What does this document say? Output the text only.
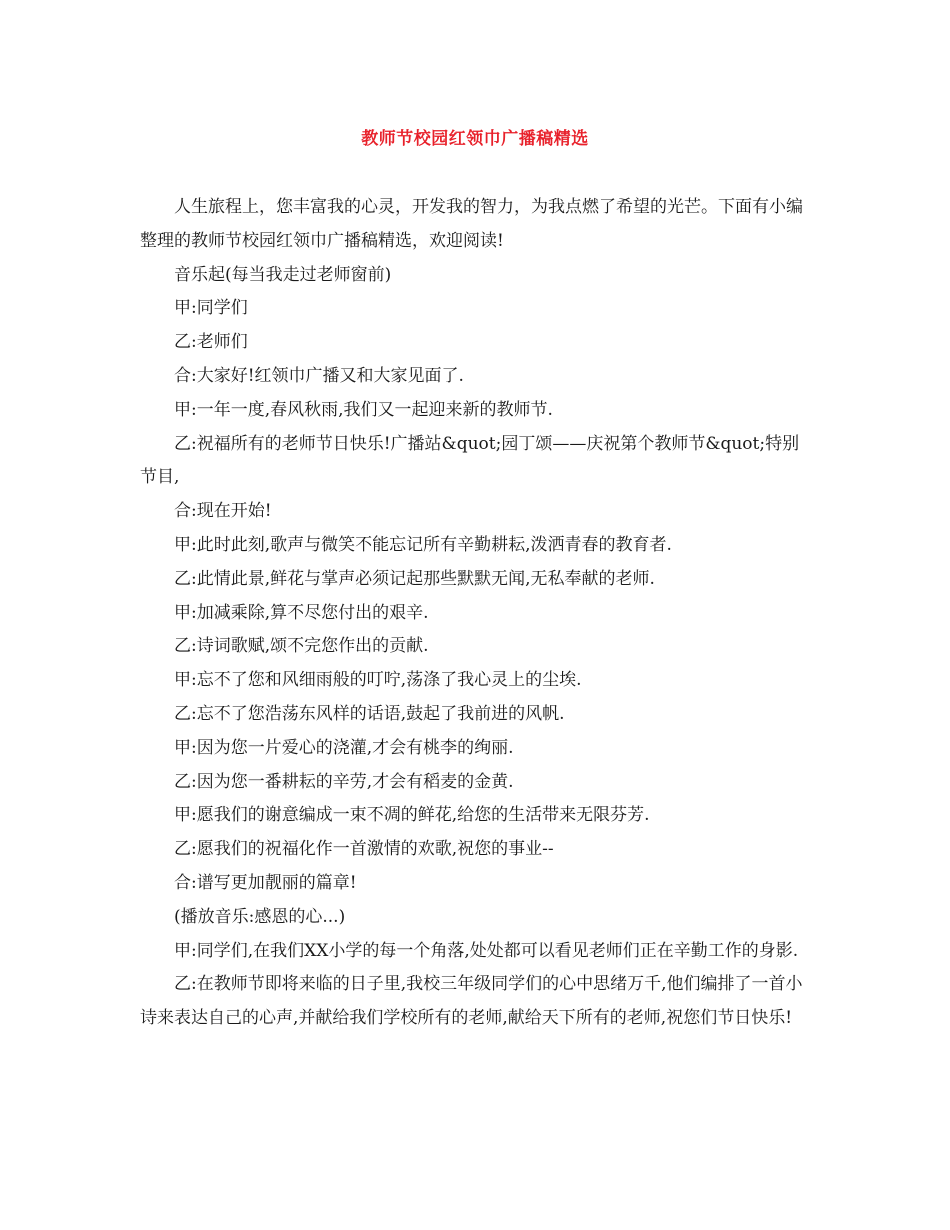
教师节校园红领巾广播稿精选

人生旅程上，您丰富我的心灵，开发我的智力，为我点燃了希望的光芒。下面有小编整理的教师节校园红领巾广播稿精选，欢迎阅读!

音乐起(每当我走过老师窗前)

甲:同学们

乙:老师们

合:大家好!红领巾广播又和大家见面了.

甲:一年一度,春风秋雨,我们又一起迎来新的教师节.

乙:祝福所有的老师节日快乐!广播站&quot;园丁颂——庆祝第个教师节&quot;特别节目,

合:现在开始!

甲:此时此刻,歌声与微笑不能忘记所有辛勤耕耘,泼洒青春的教育者.

乙:此情此景,鲜花与掌声必须记起那些默默无闻,无私奉献的老师.

甲:加减乘除,算不尽您付出的艰辛.

乙:诗词歌赋,颂不完您作出的贡献.

甲:忘不了您和风细雨般的叮咛,荡涤了我心灵上的尘埃.

乙:忘不了您浩荡东风样的话语,鼓起了我前进的风帆.

甲:因为您一片爱心的浇灌,才会有桃李的绚丽.

乙:因为您一番耕耘的辛劳,才会有稻麦的金黄.

甲:愿我们的谢意编成一束不凋的鲜花,给您的生活带来无限芬芳.

乙:愿我们的祝福化作一首激情的欢歌,祝您的事业--

合:谱写更加靓丽的篇章!

(播放音乐:感恩的心...)

甲:同学们,在我们XX小学的每一个角落,处处都可以看见老师们正在辛勤工作的身影.

乙:在教师节即将来临的日子里,我校三年级同学们的心中思绪万千,他们编排了一首小诗来表达自己的心声,并献给我们学校所有的老师,献给天下所有的老师,祝您们节日快乐!
